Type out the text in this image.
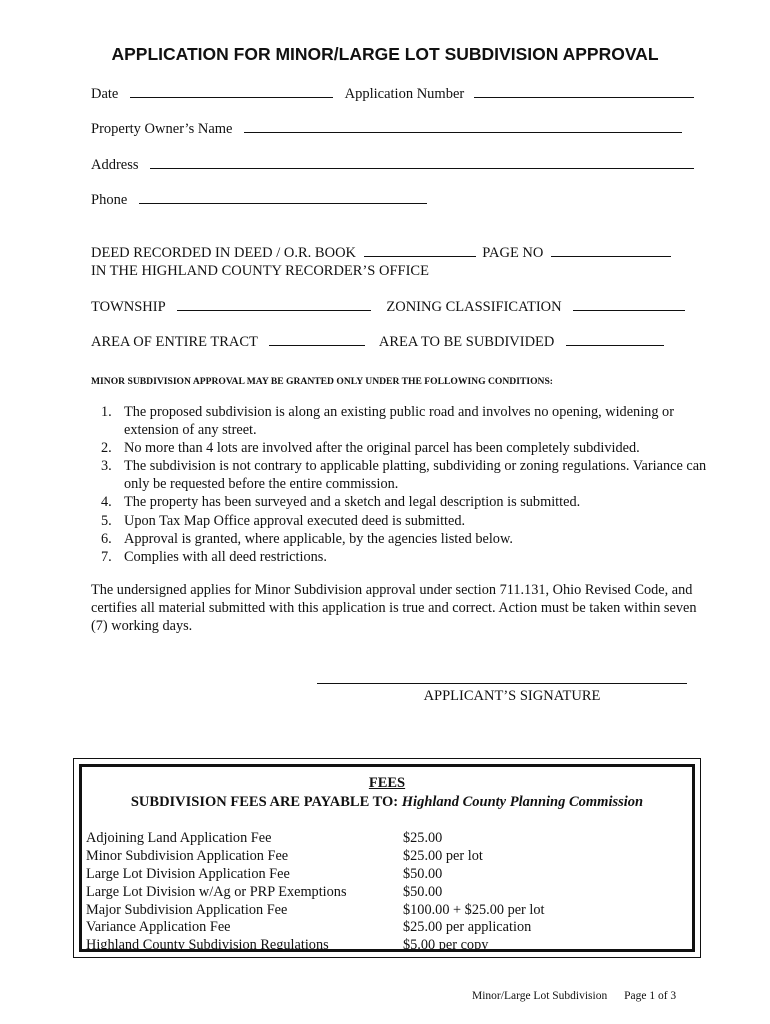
APPLICATION FOR MINOR/LARGE LOT SUBDIVISION APPROVAL
Date	Application Number
Property Owner’s Name
Address
Phone
DEED RECORDED IN DEED / O.R. BOOK	PAGE NO
IN THE HIGHLAND COUNTY RECORDER’S OFFICE
TOWNSHIP	ZONING CLASSIFICATION
AREA OF ENTIRE TRACT	AREA TO BE SUBDIVIDED
MINOR SUBDIVISION APPROVAL MAY BE GRANTED ONLY UNDER THE FOLLOWING CONDITIONS:
1. The proposed subdivision is along an existing public road and involves no opening, widening or extension of any street.
2. No more than 4 lots are involved after the original parcel has been completely subdivided.
3. The subdivision is not contrary to applicable platting, subdividing or zoning regulations. Variance can only be requested before the entire commission.
4. The property has been surveyed and a sketch and legal description is submitted.
5. Upon Tax Map Office approval executed deed is submitted.
6. Approval is granted, where applicable, by the agencies listed below.
7. Complies with all deed restrictions.
The undersigned applies for Minor Subdivision approval under section 711.131, Ohio Revised Code, and certifies all material submitted with this application is true and correct. Action must be taken within seven (7) working days.
APPLICANT’S SIGNATURE
FEES
SUBDIVISION FEES ARE PAYABLE TO: Highland County Planning Commission
Adjoining Land Application Fee	$25.00
Minor Subdivision Application Fee	$25.00 per lot
Large Lot Division Application Fee	$50.00
Large Lot Division w/Ag or PRP Exemptions	$50.00
Major Subdivision Application Fee	$100.00 + $25.00 per lot
Variance Application Fee	$25.00 per application
Highland County Subdivision Regulations	$5.00 per copy
Minor/Large Lot Subdivision Page 1 of 3
